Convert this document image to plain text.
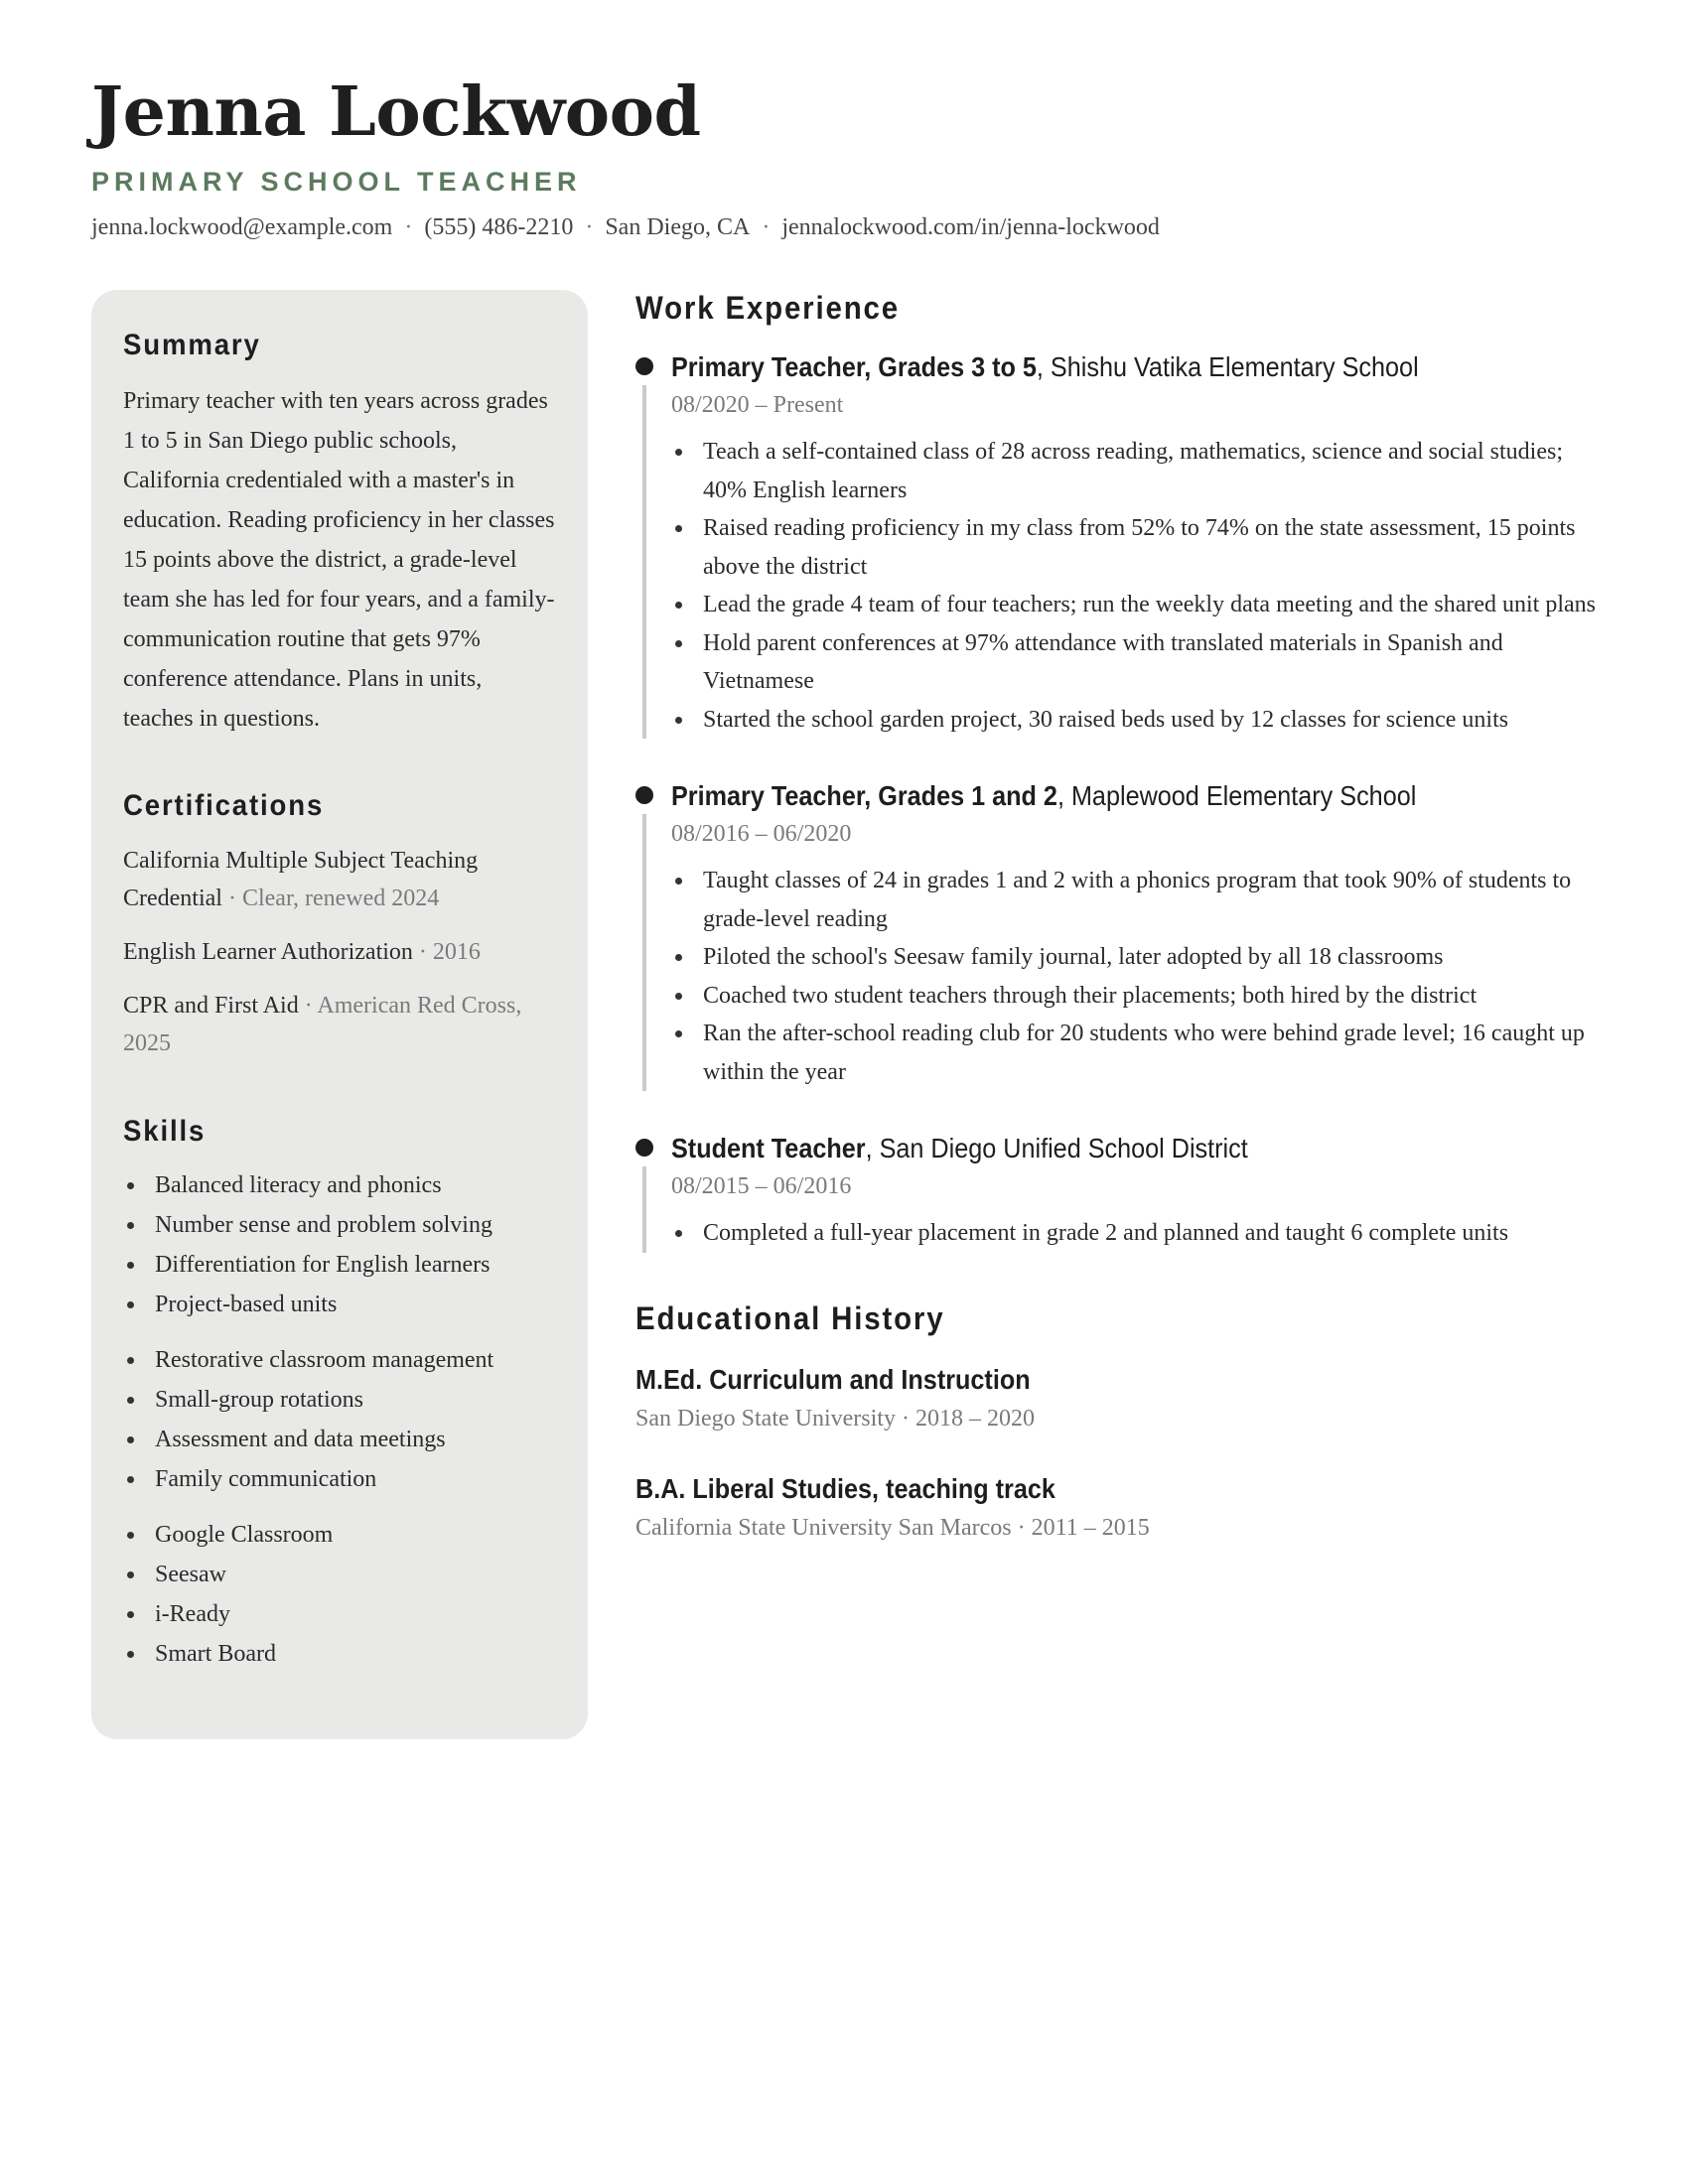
Jenna Lockwood
PRIMARY SCHOOL TEACHER
jenna.lockwood@example.com · (555) 486-2210 · San Diego, CA · jennalockwood.com/in/jenna-lockwood
Summary

Primary teacher with ten years across grades 1 to 5 in San Diego public schools, California credentialed with a master's in education. Reading proficiency in her classes 15 points above the district, a grade-level team she has led for four years, and a family-communication routine that gets 97% conference attendance. Plans in units, teaches in questions.

Certifications
California Multiple Subject Teaching Credential · Clear, renewed 2024
English Learner Authorization · 2016
CPR and First Aid · American Red Cross, 2025
Skills
Balanced literacy and phonics
Number sense and problem solving
Differentiation for English learners
Project-based units
Restorative classroom management
Small-group rotations
Assessment and data meetings
Family communication
Google Classroom
Seesaw
i-Ready
Smart Board
Work Experience
Primary Teacher, Grades 3 to 5, Shishu Vatika Elementary School
08/2020 – Present
Teach a self-contained class of 28 across reading, mathematics, science and social studies; 40% English learners
Raised reading proficiency in my class from 52% to 74% on the state assessment, 15 points above the district
Lead the grade 4 team of four teachers; run the weekly data meeting and the shared unit plans
Hold parent conferences at 97% attendance with translated materials in Spanish and Vietnamese
Started the school garden project, 30 raised beds used by 12 classes for science units
Primary Teacher, Grades 1 and 2, Maplewood Elementary School
08/2016 – 06/2020
Taught classes of 24 in grades 1 and 2 with a phonics program that took 90% of students to grade-level reading
Piloted the school's Seesaw family journal, later adopted by all 18 classrooms
Coached two student teachers through their placements; both hired by the district
Ran the after-school reading club for 20 students who were behind grade level; 16 caught up within the year
Student Teacher, San Diego Unified School District
08/2015 – 06/2016
Completed a full-year placement in grade 2 and planned and taught 6 complete units
Educational History
M.Ed. Curriculum and Instruction
San Diego State University · 2018 – 2020
B.A. Liberal Studies, teaching track
California State University San Marcos · 2011 – 2015
